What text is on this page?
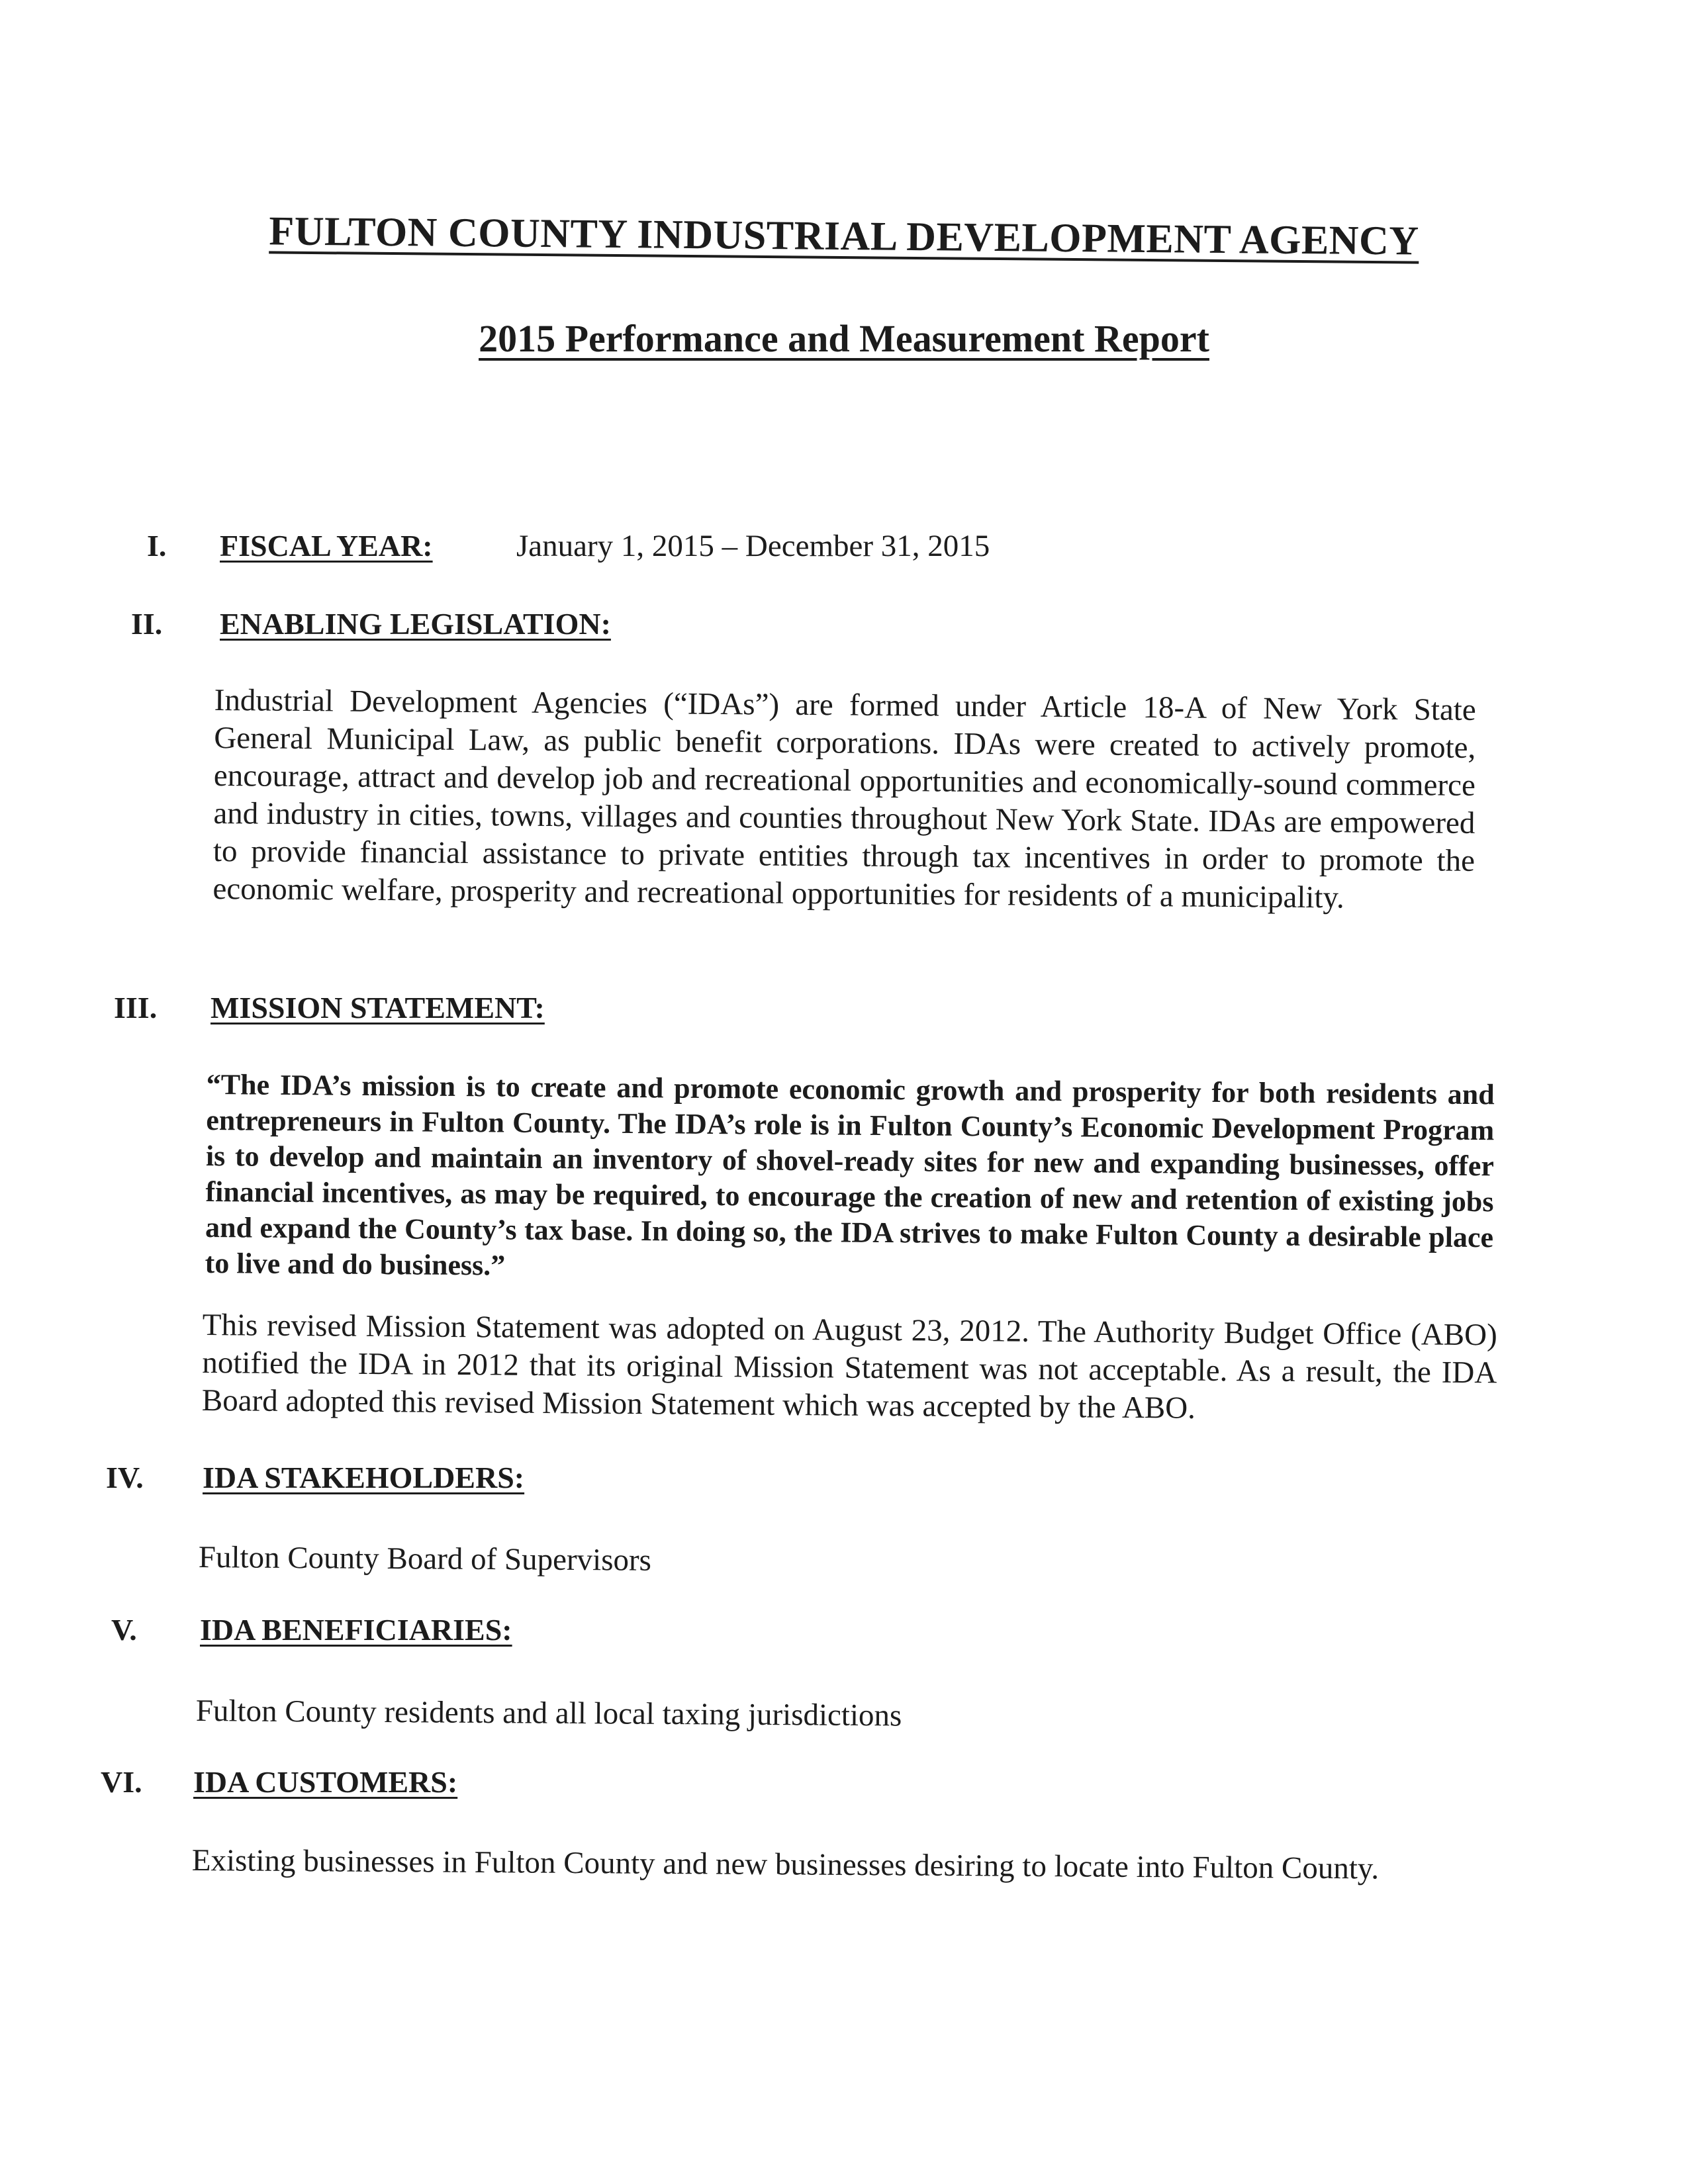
FULTON COUNTY INDUSTRIAL DEVELOPMENT AGENCY
2015 Performance and Measurement Report
I. FISCAL YEAR:	January 1, 2015 – December 31, 2015
II. ENABLING LEGISLATION:
Industrial Development Agencies (“IDAs”) are formed under Article 18-A of New York State General Municipal Law, as public benefit corporations. IDAs were created to actively promote, encourage, attract and develop job and recreational opportunities and economically-sound commerce and industry in cities, towns, villages and counties throughout New York State. IDAs are empowered to provide financial assistance to private entities through tax incentives in order to promote the economic welfare, prosperity and recreational opportunities for residents of a municipality.
III. MISSION STATEMENT:
“The IDA’s mission is to create and promote economic growth and prosperity for both residents and entrepreneurs in Fulton County. The IDA’s role is in Fulton County’s Economic Development Program is to develop and maintain an inventory of shovel-ready sites for new and expanding businesses, offer financial incentives, as may be required, to encourage the creation of new and retention of existing jobs and expand the County’s tax base. In doing so, the IDA strives to make Fulton County a desirable place to live and do business.”
This revised Mission Statement was adopted on August 23, 2012. The Authority Budget Office (ABO) notified the IDA in 2012 that its original Mission Statement was not acceptable. As a result, the IDA Board adopted this revised Mission Statement which was accepted by the ABO.
IV. IDA STAKEHOLDERS:
Fulton County Board of Supervisors
V. IDA BENEFICIARIES:
Fulton County residents and all local taxing jurisdictions
VI. IDA CUSTOMERS:
Existing businesses in Fulton County and new businesses desiring to locate into Fulton County.
